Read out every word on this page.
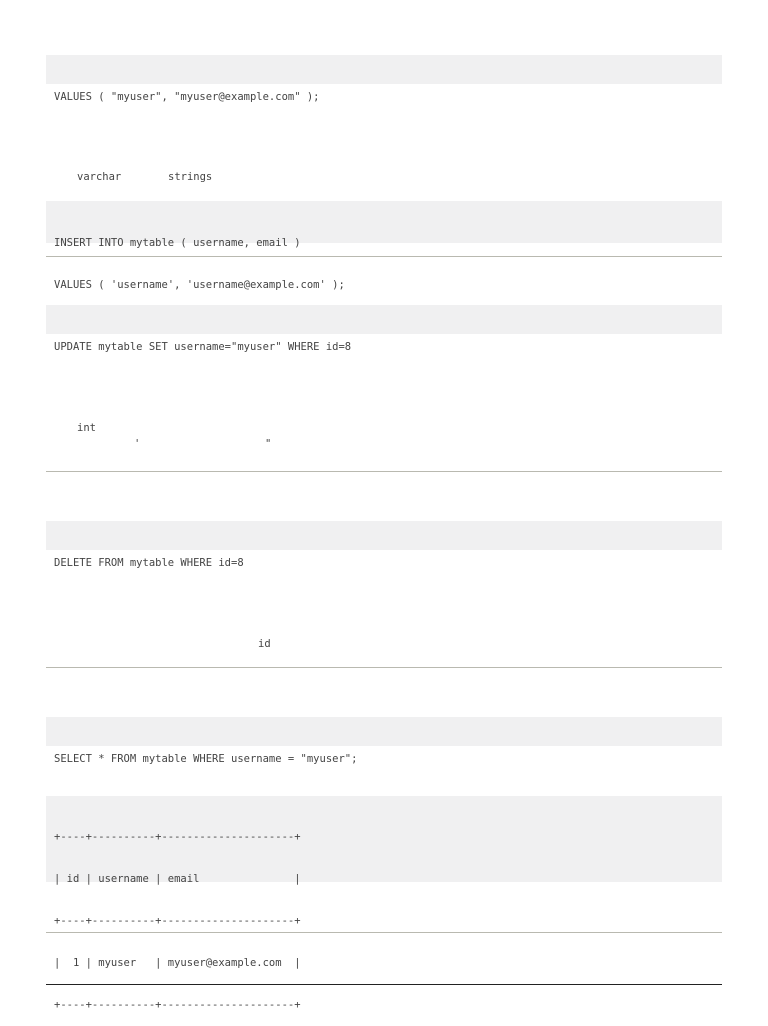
VALUES ( "myuser", "myuser@example.com" );

varchar	strings

INSERT INTO mytable ( username, email )

VALUES ( 'username', 'username@example.com' );

UPDATE mytable SET username="myuser" WHERE id=8

int
'	"

DELETE FROM mytable WHERE id=8

id

SELECT * FROM mytable WHERE username = "myuser";

+----+----------+---------------------+

| id | username | email               |

+----+----------+---------------------+

|  1 | myuser   | myuser@example.com  |

+----+----------+---------------------+
